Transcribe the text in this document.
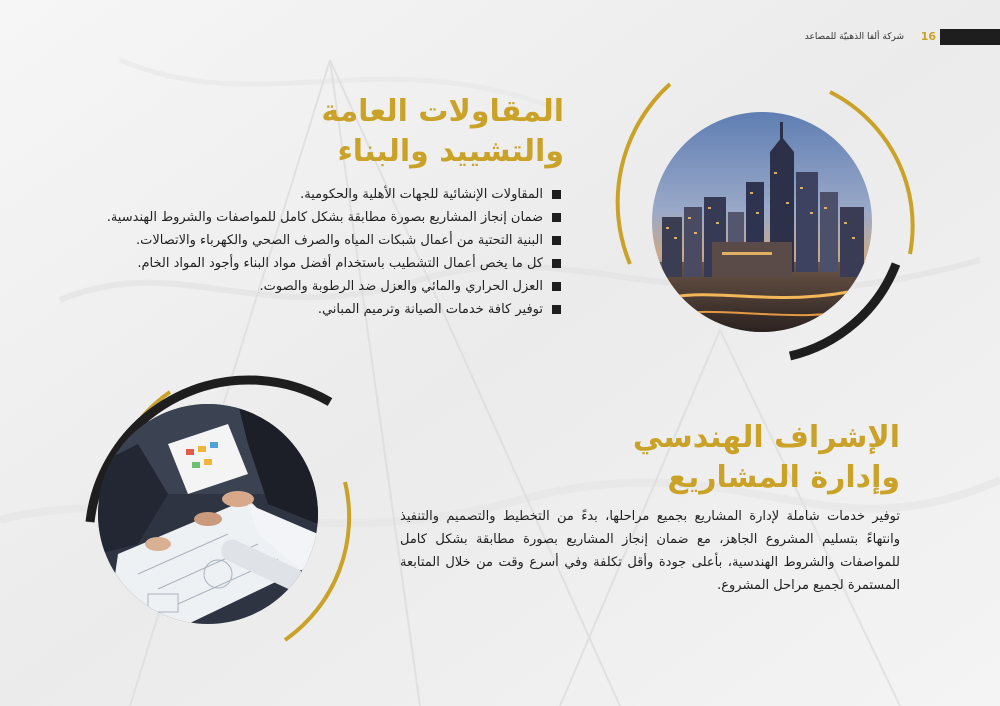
16
شركة ألفا الذهبيّة للمصاعد
المقاولات العامة
والتشييد والبناء
المقاولات الإنشائية للجهات الأهلية والحكومية.
ضمان إنجاز المشاريع بصورة مطابقة بشكل كامل للمواصفات والشروط الهندسية.
البنية التحتية من أعمال شبكات المياه والصرف الصحي والكهرباء والاتصالات.
كل ما يخص أعمال التشطيب باستخدام أفضل مواد البناء وأجود المواد الخام.
العزل الحراري والمائي والعزل ضد الرطوبة والصوت.
توفير كافة خدمات الصيانة وترميم المباني.
الإشراف الهندسي
وإدارة المشاريع

توفير خدمات شاملة لإدارة المشاريع بجميع مراحلها، بدءً من التخطيط والتصميم والتنفيذ وانتهاءً بتسليم المشروع الجاهز، مع ضمان إنجاز المشاريع بصورة مطابقة بشكل كامل للمواصفات والشروط الهندسية، بأعلى جودة وأقل تكلفة وفي أسرع وقت من خلال المتابعة المستمرة لجميع مراحل المشروع.
